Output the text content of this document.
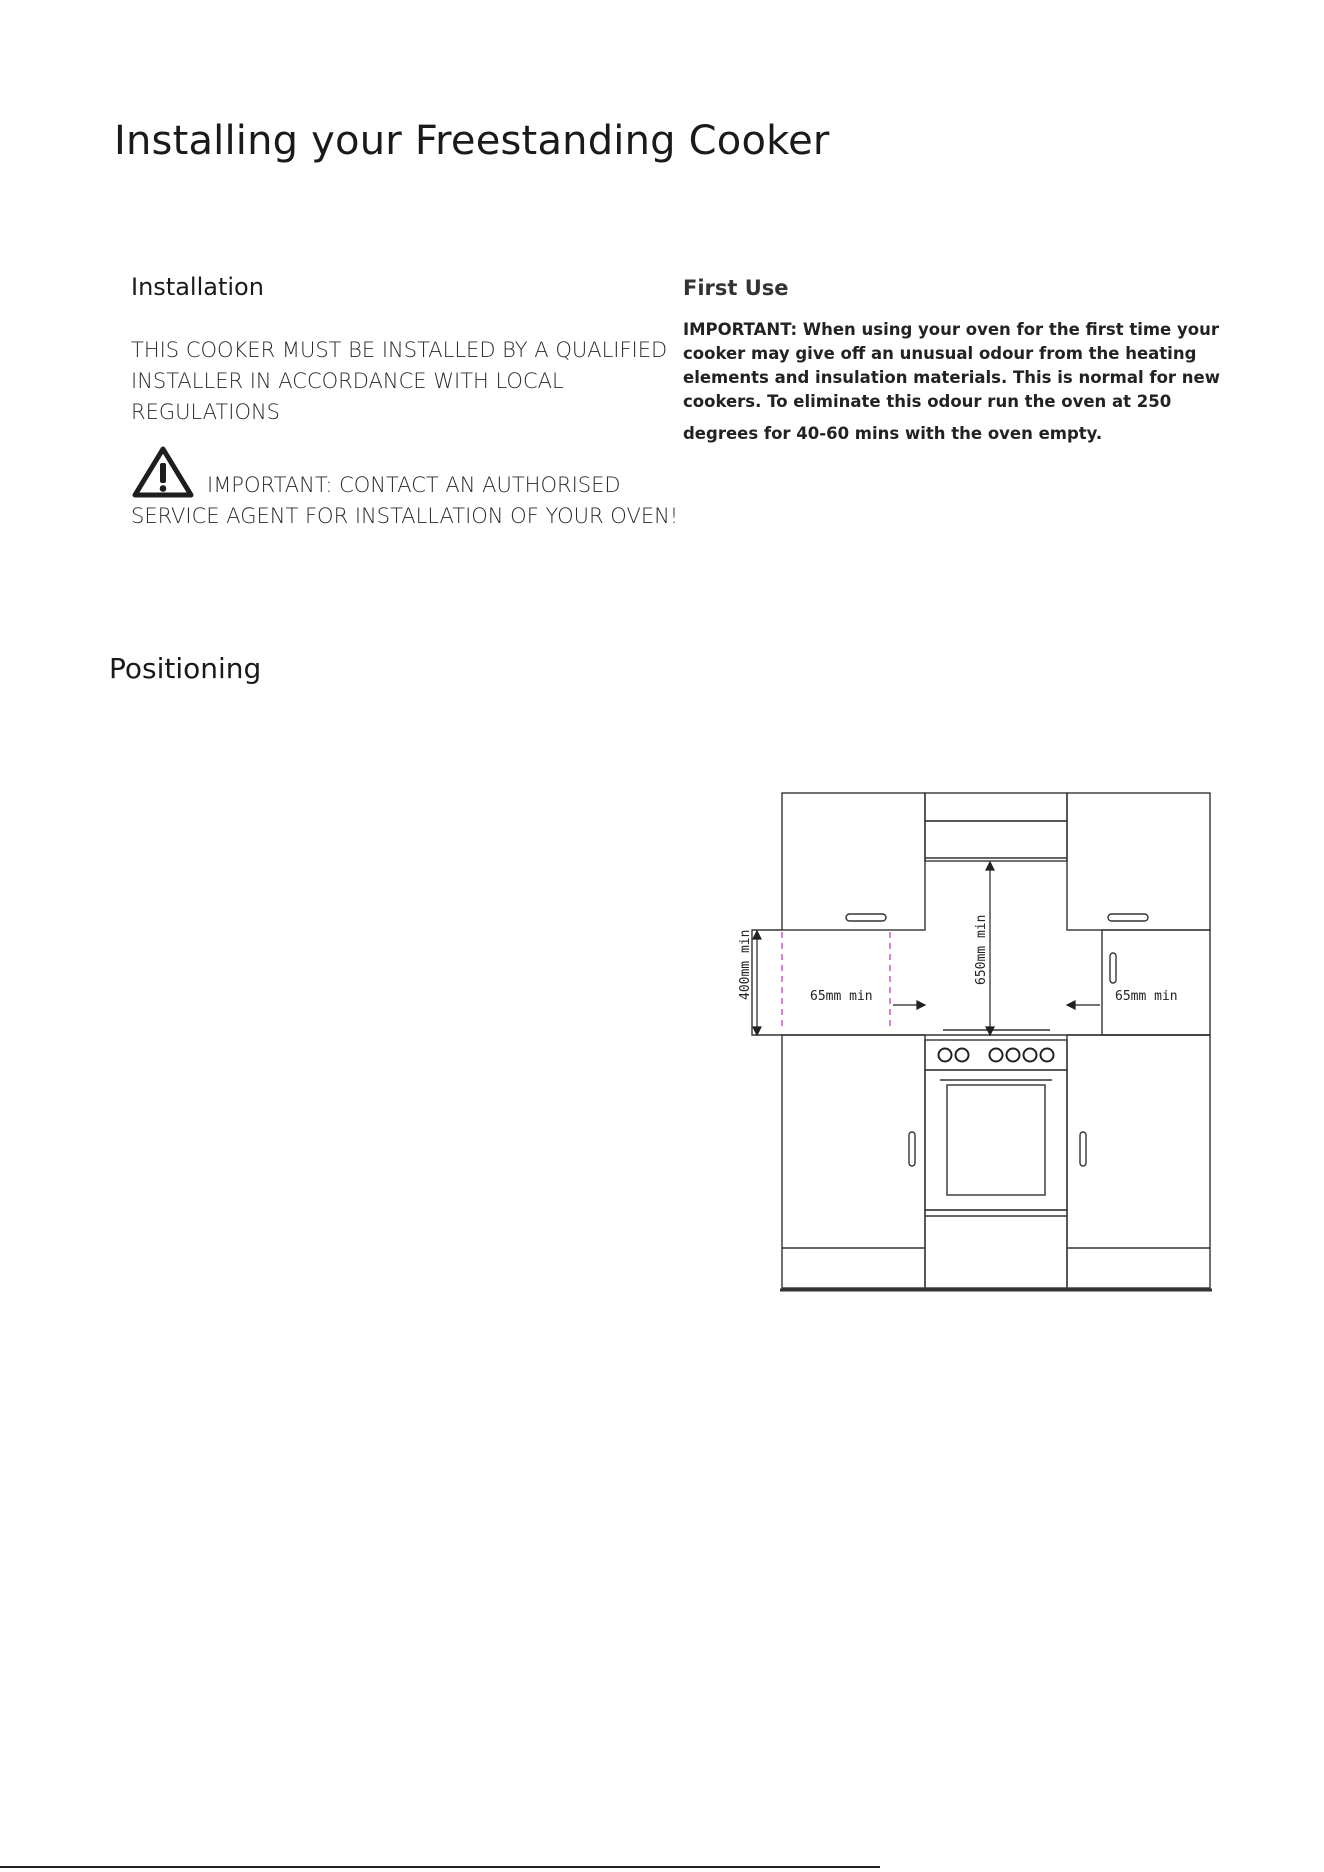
Installing your Freestanding Cooker
Installation
THIS COOKER MUST BE INSTALLED BY A QUALIFIED INSTALLER IN ACCORDANCE WITH LOCAL REGULATIONS
IMPORTANT: CONTACT AN AUTHORISED SERVICE AGENT FOR INSTALLATION OF YOUR OVEN!
First Use
IMPORTANT: When using your oven for the first time your cooker may give off an unusual odour from the heating elements and insulation materials. This is normal for new cookers. To eliminate this odour run the oven at 250
degrees for 40-60 mins with the oven empty.
Positioning
400mm min	650mm min
65mm min	65mm min
